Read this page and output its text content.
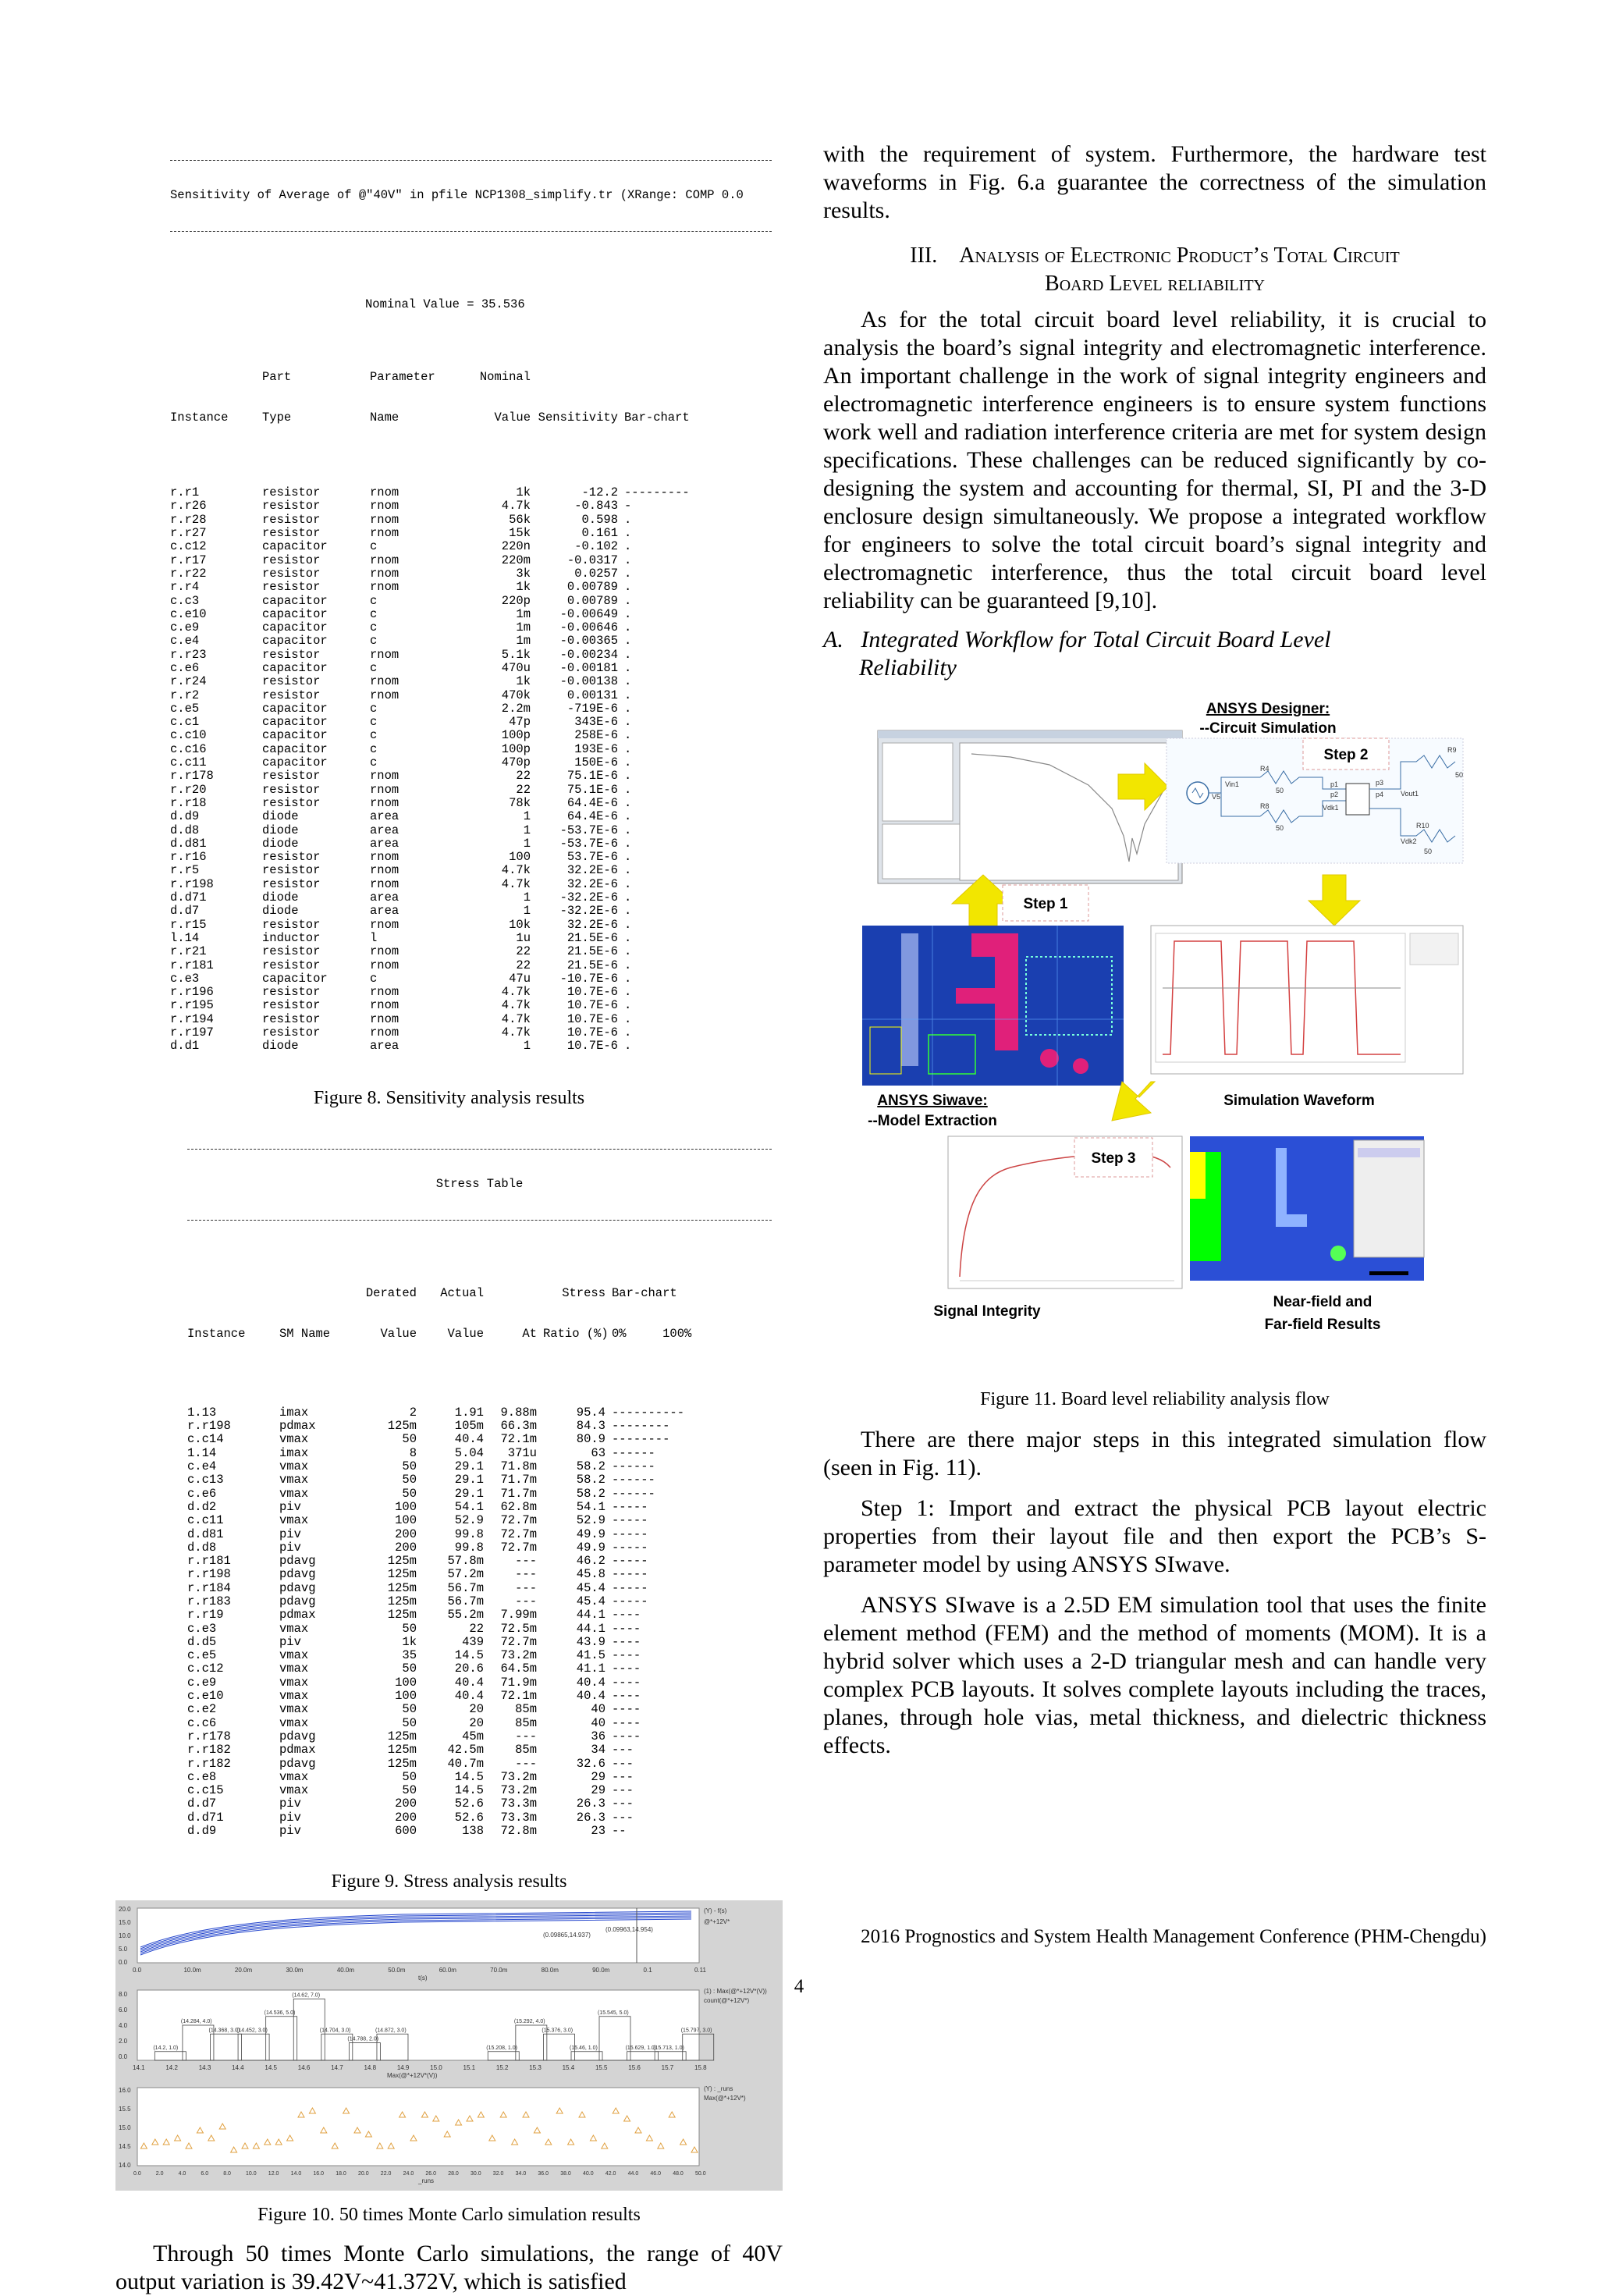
Sensitivity of Average of @"40V" in pfile NCP1308_simplify.tr (XRange: COMP 0.0

Nominal Value = 35.536

Part	Parameter	Nominal

Instance	Type	Name	Value Sensitivity Bar-chart

r.r1	resistor	rnom	1k	-12.2 ---------
r.r26	resistor	rnom	4.7k	-0.843 -
r.r28	resistor	rnom	56k	0.598 .
r.r27	resistor	rnom	15k	0.161 .
c.c12	capacitor	c	220n	-0.102 .
r.r17	resistor	rnom	220m	-0.0317 .
r.r22	resistor	rnom	3k	0.0257 .
r.r4	resistor	rnom	1k	0.00789 .
c.c3	capacitor	c	220p	0.00789 .
c.e10	capacitor	c	1m	-0.00649 .
c.e9	capacitor	c	1m	-0.00646 .
c.e4	capacitor	c	1m	-0.00365 .
r.r23	resistor	rnom	5.1k	-0.00234 .
c.e6	capacitor	c	470u	-0.00181 .
r.r24	resistor	rnom	1k	-0.00138 .
r.r2	resistor	rnom	470k	0.00131 .
c.e5	capacitor	c	2.2m	-719E-6 .
c.c1	capacitor	c	47p	343E-6 .
c.c10	capacitor	c	100p	258E-6 .
c.c16	capacitor	c	100p	193E-6 .
c.c11	capacitor	c	470p	150E-6 .
r.r178	resistor	rnom	22	75.1E-6 .
r.r20	resistor	rnom	22	75.1E-6 .
r.r18	resistor	rnom	78k	64.4E-6 .
d.d9	diode	area	1	64.4E-6 .
d.d8	diode	area	1	-53.7E-6 .
d.d81	diode	area	1	-53.7E-6 .
r.r16	resistor	rnom	100	53.7E-6 .
r.r5	resistor	rnom	4.7k	32.2E-6 .
r.r198	resistor	rnom	4.7k	32.2E-6 .
d.d71	diode	area	1	-32.2E-6 .
d.d7	diode	area	1	-32.2E-6 .
r.r15	resistor	rnom	10k	32.2E-6 .
l.14	inductor	l	1u	21.5E-6 .
r.r21	resistor	rnom	22	21.5E-6 .
r.r181	resistor	rnom	22	21.5E-6 .
c.e3	capacitor	c	47u	-10.7E-6 .
r.r196	resistor	rnom	4.7k	10.7E-6 .
r.r195	resistor	rnom	4.7k	10.7E-6 .
r.r194	resistor	rnom	4.7k	10.7E-6 .
r.r197	resistor	rnom	4.7k	10.7E-6 .
d.d1	diode	area	1	10.7E-6 .

Figure 8. Sensitivity analysis results

Stress Table

Derated	Actual	Stress Bar-chart

Instance	SM Name	Value	Value	At Ratio (%) 0%     100%

1.13	imax	2	1.91	9.88m	95.4 ----------
r.r198	pdmax	125m	105m	66.3m	84.3 --------
c.c14	vmax	50	40.4	72.1m	80.9 --------
1.14	imax	8	5.04	371u	63 ------
c.e4	vmax	50	29.1	71.8m	58.2 ------
c.c13	vmax	50	29.1	71.7m	58.2 ------
c.e6	vmax	50	29.1	71.7m	58.2 ------
d.d2	piv	100	54.1	62.8m	54.1 -----
c.c11	vmax	100	52.9	72.7m	52.9 -----
d.d81	piv	200	99.8	72.7m	49.9 -----
d.d8	piv	200	99.8	72.7m	49.9 -----
r.r181	pdavg	125m	57.8m	---	46.2 -----
r.r198	pdavg	125m	57.2m	---	45.8 -----
r.r184	pdavg	125m	56.7m	---	45.4 -----
r.r183	pdavg	125m	56.7m	---	45.4 -----
r.r19	pdmax	125m	55.2m	7.99m	44.1 ----
c.e3	vmax	50	22	72.5m	44.1 ----
d.d5	piv	1k	439	72.7m	43.9 ----
c.e5	vmax	35	14.5	73.2m	41.5 ----
c.c12	vmax	50	20.6	64.5m	41.1 ----
c.e9	vmax	100	40.4	71.9m	40.4 ----
c.e10	vmax	100	40.4	72.1m	40.4 ----
c.e2	vmax	50	20	85m	40 ----
c.c6	vmax	50	20	85m	40 ----
r.r178	pdavg	125m	45m	---	36 ----
r.r182	pdmax	125m	42.5m	85m	34 ---
r.r182	pdavg	125m	40.7m	---	32.6 ---
c.e8	vmax	50	14.5	73.2m	29 ---
c.c15	vmax	50	14.5	73.2m	29 ---
d.d7	piv	200	52.6	73.3m	26.3 ---
d.d71	piv	200	52.6	73.3m	26.3 ---
d.d9	piv	600	138	72.8m	23 --

Figure 9. Stress analysis results
20.0
15.0
10.0
5.0
0.0
0.0	10.0m	20.0m	30.0m	40.0m	50.0m	60.0m	70.0m	80.0m	90.0m	0.1	0.11
t(s)
(Y) - f(s)
@*+12V*
(0.09865,14.937)
(0.09963,14.954)
8.0
6.0
4.0
2.0
0.0
14.1	14.2	14.3	14.4	14.5	14.6	14.7	14.8	14.9	15.0	15.1	15.2	15.3	15.4	15.5	15.6	15.7	15.8
Max(@*+12V*(V))
(1) : Max(@*+12V*(V))
count(@*+12V*)
(14.2, 1.0)
(14.284, 4.0)
(14.368, 3.0)
(14.452, 3.0)
(14.536, 5.0)
(14.62, 7.0)
(14.704, 3.0)
(14.788, 2.0)
(14.872, 3.0)
(15.208, 1.0)
(15.292, 4.0)
(15.376, 3.0)
(15.46, 1.0)
(15.545, 5.0)
(15.629, 1.0)
(15.713, 1.0)
(15.797, 3.0)
16.0
15.5
15.0
14.5
14.0
0.0	2.0	4.0	6.0	8.0	10.0 12.0 14.0 16.0 18.0 20.0 22.0 24.0 26.0 28.0 30.0 32.0 34.0 36.0 38.0 40.0 42.0 44.0 46.0 48.0 50.0
_runs
(Y) : _runs
Max(@*+12V*)
Figure 10. 50 times Monte Carlo simulation results

Through 50 times Monte Carlo simulations, the range of 40V output variation is 39.42V~41.372V, which is satisfied

with the requirement of system. Furthermore, the hardware test waveforms in Fig. 6.a guarantee the correctness of the simulation results.

III. Analysis of Electronic Product’s Total Circuit
Board Level reliability

As for the total circuit board level reliability, it is crucial to analysis the board’s signal integrity and electromagnetic interference. An important challenge in the work of signal integrity engineers and electromagnetic interference engineers is to ensure system functions work well and radiation interference criteria are met for system design specifications. These challenges can be reduced significantly by co-designing the system and accounting for thermal, SI, PI and the 3-D enclosure design simultaneously. We propose a integrated workflow for engineers to solve the total circuit board’s signal integrity and electromagnetic interference, thus the total circuit board level reliability can be guaranteed [9,10].

A. Integrated Workflow for Total Circuit Board Level
Reliability
ANSYS Designer:
--Circuit Simulation
R4
Vin1
V5
50
p1
p2
Vdk1
R8
50
p3
p4 Vout1
R9
50
R10
Vdk2
50
Step 2
Step 1
ANSYS Siwave:
--Model Extraction
Simulation Waveform
Step 3
Signal Integrity
Near-field and
Far-field Results
Figure 11. Board level reliability analysis flow

There are there major steps in this integrated simulation flow (seen in Fig. 11).

Step 1: Import and extract the physical PCB layout electric properties from their layout file and then export the PCB’s S-parameter model by using ANSYS SIwave.

ANSYS SIwave is a 2.5D EM simulation tool that uses the finite element method (FEM) and the method of moments (MOM). It is a hybrid solver which uses a 2-D triangular mesh and can handle very complex PCB layouts. It solves complete layouts including the traces, planes, through hole vias, metal thickness, and dielectric thickness effects.

2016 Prognostics and System Health Management Conference (PHM-Chengdu)
4
